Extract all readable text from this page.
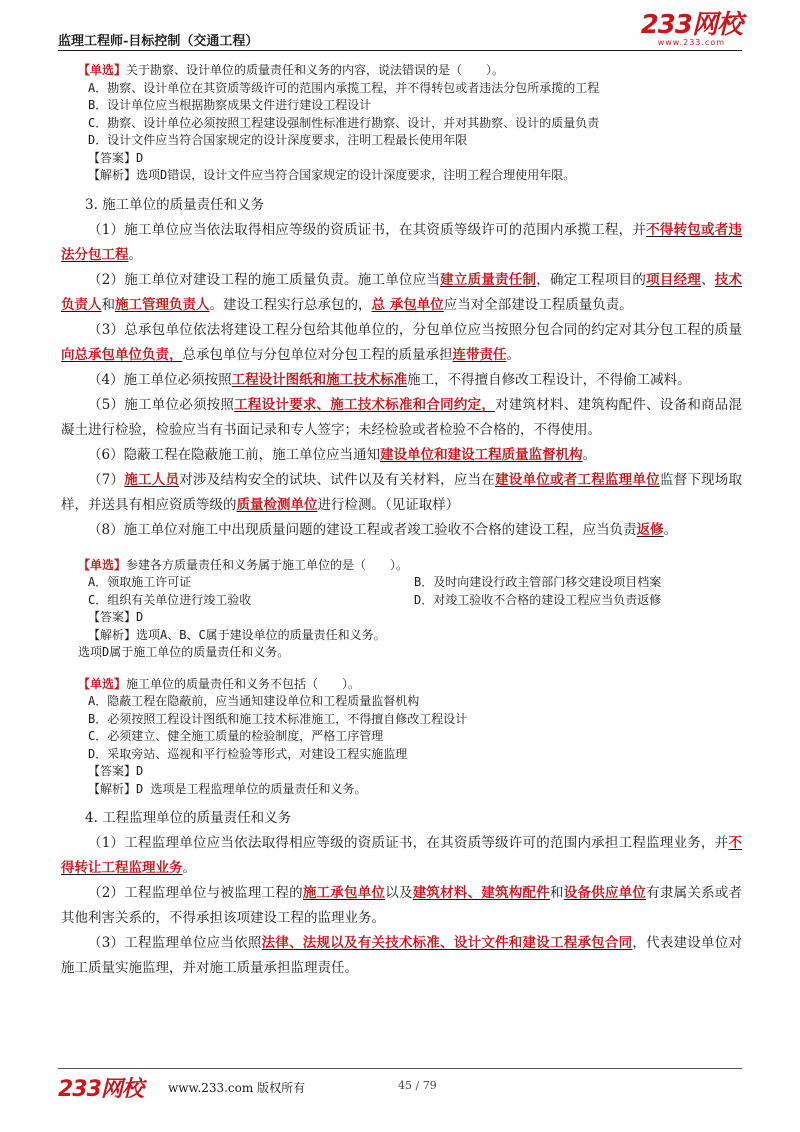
监理工程师-目标控制（交通工程）
233网校
www.233.com
【单选】关于勘察、设计单位的质量责任和义务的内容，说法错误的是（　　）。
A．勘察、设计单位在其资质等级许可的范围内承揽工程，并不得转包或者违法分包所承揽的工程
B．设计单位应当根据勘察成果文件进行建设工程设计
C．勘察、设计单位必须按照工程建设强制性标准进行勘察、设计，并对其勘察、设计的质量负责
D．设计文件应当符合国家规定的设计深度要求，注明工程最长使用年限
【答案】D
【解析】选项D错误，设计文件应当符合国家规定的设计深度要求，注明工程合理使用年限。
3. 施工单位的质量责任和义务
（1）施工单位应当依法取得相应等级的资质证书，在其资质等级许可的范围内承揽工程，并不得转包或者违法分包工程。
（2）施工单位对建设工程的施工质量负责。施工单位应当建立质量责任制，确定工程项目的项目经理、技术负责人和施工管理负责人。建设工程实行总承包的，总 承包单位应当对全部建设工程质量负责。
（3）总承包单位依法将建设工程分包给其他单位的，分包单位应当按照分包合同的约定对其分包工程的质量向总承包单位负责，总承包单位与分包单位对分包工程的质量承担连带责任。
（4）施工单位必须按照工程设计图纸和施工技术标准施工，不得擅自修改工程设计，不得偷工减料。
（5）施工单位必须按照工程设计要求、施工技术标准和合同约定，对建筑材料、建筑构配件、设备和商品混凝土进行检验，检验应当有书面记录和专人签字；未经检验或者检验不合格的，不得使用。
（6）隐蔽工程在隐蔽施工前，施工单位应当通知建设单位和建设工程质量监督机构。
（7）施工人员对涉及结构安全的试块、试件以及有关材料，应当在建设单位或者工程监理单位监督下现场取样，并送具有相应资质等级的质量检测单位进行检测。（见证取样）
（8）施工单位对施工中出现质量问题的建设工程或者竣工验收不合格的建设工程，应当负责返修。
【单选】参建各方质量责任和义务属于施工单位的是（　　）。
A．领取施工许可证	B．及时向建设行政主管部门移交建设项目档案
C．组织有关单位进行竣工验收	D．对竣工验收不合格的建设工程应当负责返修
【答案】D
【解析】选项A、B、C属于建设单位的质量责任和义务。
选项D属于施工单位的质量责任和义务。
【单选】施工单位的质量责任和义务不包括（　　）。
A．隐蔽工程在隐蔽前，应当通知建设单位和工程质量监督机构
B．必须按照工程设计图纸和施工技术标准施工，不得擅自修改工程设计
C．必须建立、健全施工质量的检验制度，严格工序管理
D．采取旁站、巡视和平行检验等形式，对建设工程实施监理
【答案】D
【解析】D 选项是工程监理单位的质量责任和义务。
4. 工程监理单位的质量责任和义务
（1）工程监理单位应当依法取得相应等级的资质证书，在其资质等级许可的范围内承担工程监理业务，并不得转让工程监理业务。
（2）工程监理单位与被监理工程的施工承包单位以及建筑材料、建筑构配件和设备供应单位有隶属关系或者其他利害关系的，不得承担该项建设工程的监理业务。
（3）工程监理单位应当依照法律、法规以及有关技术标准、设计文件和建设工程承包合同，代表建设单位对施工质量实施监理，并对施工质量承担监理责任。
233网校 www.233.com 版权所有	45 / 79
